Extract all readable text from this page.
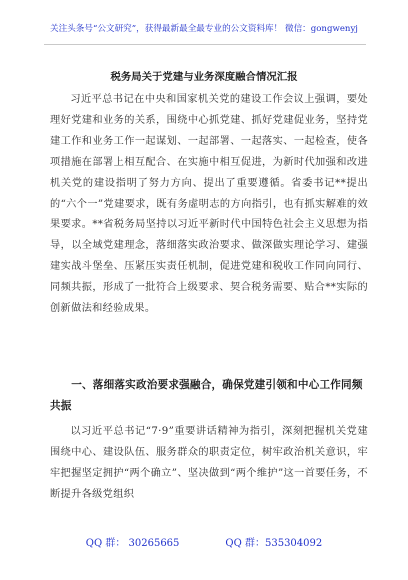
关注头条号“公文研究”，获得最新最全最专业的公文资料库！ 微信：gongwenyj
税务局关于党建与业务深度融合情况汇报
习近平总书记在中央和国家机关党的建设工作会议上强调，要处理好党建和业务的关系，围绕中心抓党建、抓好党建促业务，坚持党建工作和业务工作一起谋划、一起部署、一起落实、一起检查，使各项措施在部署上相互配合、在实施中相互促进，为新时代加强和改进机关党的建设指明了努力方向、提出了重要遵循。省委书记**提出的“六个一”党建要求，既有务虚明志的方向指引，也有抓实解难的效果要求。**省税务局坚持以习近平新时代中国特色社会主义思想为指导，以全域党建理念，落细落实政治要求、做深做实理论学习、建强建实战斗堡垒、压紧压实责任机制，促进党建和税收工作同向同行、同频共振，形成了一批符合上级要求、契合税务需要、贴合**实际的创新做法和经验成果。
一、落细落实政治要求强融合，确保党建引领和中心工作同频共振
以习近平总书记“7·9”重要讲话精神为指引，深刻把握机关党建围绕中心、建设队伍、服务群众的职责定位，树牢政治机关意识，牢牢把握坚定拥护“两个确立”、坚决做到“两个维护”这一首要任务，不断提升各级党组织
QQ 群： 30265665	QQ 群：535304092
